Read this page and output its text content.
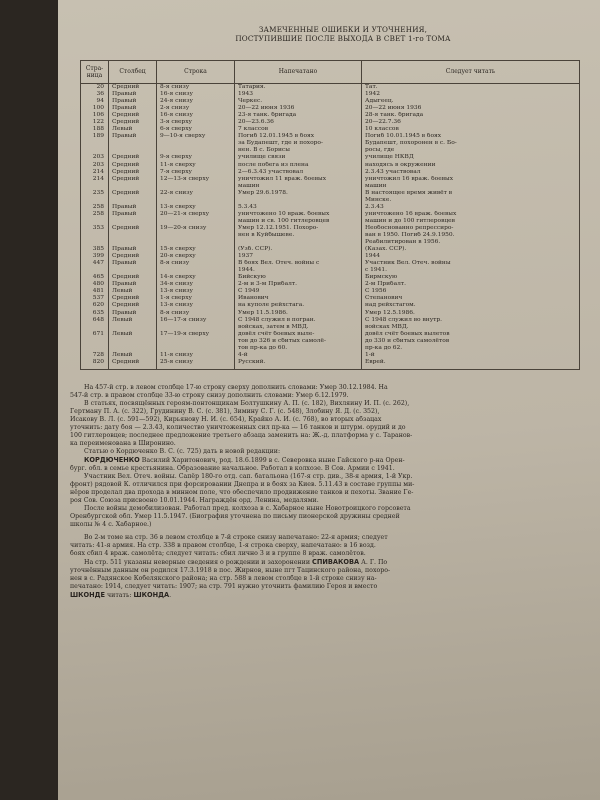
ЗАМЕЧЕННЫЕ ОШИБКИ И УТОЧНЕНИЯ,
ПОСТУПИВШИЕ ПОСЛЕ ВЫХОДА В СВЕТ 1-го ТОМА
Стра-
ница	Столбец	Строка	Напечатано	Следует читать
20	Средний	8-я снизу	Татария.	Тат.
36	Правый	16-я снизу	1943	1942
94	Правый	24-я снизу	Черкес.	Адыгеец.
100	Правый	2-я снизу	20—22 июня 1936	20—22 июня 1936
106	Средний	16-я снизу	23-я танк. бригада	28-я танк. бригада
122	Средний	3-я сверху	20—23.6.36	20—22.7.36
188	Левый	6-я сверху	7 классов	10 классов
189	Правый	9—10-я сверху	Погиб 12.01.1945 в боях	Погиб 10.01.1945 в боях
			за Будапешт, где и похоро-	Будапешт, похоронен в с. Бо-
			нен. В с. Борисы	росы, где
203	Средний	9-я сверху	училище связи	училище НКВД
203	Средний	11-я сверху	после побега из плена	находясь в окружении
214	Средний	7-я сверху	2—6.3.43 участвовал	2.3.43 участвовал
214	Средний	12—13-я сверху	уничтожил 11 враж. боевых	уничтожил 16 враж. боевых
			машин	машин
235	Средний	22-я снизу	Умер 29.6.1978.	В настоящее время живёт в
				Минске.
258	Правый	13-я сверху	5.3.43	2.3.43
258	Правый	20—21-я сверху	уничтожено 10 враж. боевых	уничтожено 16 враж. боевых
			машин и св. 100 гитлеровцев	машин и до 100 гитлеровцев
353	Средний	19—20-я снизу	Умер 12.12.1951. Похоро-	Необоснованно репрессиро-
			нен в Куйбышеве.	ван в 1950. Погиб 24.9.1950.
				Реабилитирован в 1956.
385	Правый	15-я сверху	(Узб. ССР).	(Казах. ССР).
399	Средний	20-я сверху	1937	1944
447	Правый	8-я снизу	В боях Вел. Отеч. войны с	Участник Вел. Отеч. войны
			1944.	с 1941.
465	Средний	14-я сверху	Бийскую	Бирмскую
480	Правый	34-я снизу	2-м и 3-м Прибалт.	2-м Прибалт.
481	Левый	13-я снизу	С 1949	С 1956
537	Средний	1-я сверху	Иванович	Степанович
620	Средний	13-я снизу	на куполе рейхстага.	над рейхстагом.
635	Правый	8-я снизу	Умер 11.5.1986.	Умер 12.5.1986.
648	Левый	16—17-я снизу	С 1948 служил в погран.	С 1948 служил во внутр.
			войсках, затем в МВД.	войсках МВД.
671	Левый	17—19-я сверху	довёл счёт боевых выле-	довёл счёт боевых вылетов
			тов до 326 и сбитых самолё-	до 330 и сбитых самолётов
			тов пр-ка до 60.	пр-ка до 62.
728	Левый	11-я снизу	4-й	1-й
820	Средний	25-я снизу	Русский.	Еврей.

На 457-й стр. в левом столбце 17-ю строку сверху дополнить словами: Умер 30.12.1984. На

547-й стр. в правом столбце 33-ю строку снизу дополнить словами: Умер 6.12.1979.

В статьях, посвящённых героям-понтонщикам Болтушкину А. П. (с. 182), Вихляину И. П. (с. 262),

Гертману П. А. (с. 322), Грудинину В. С. (с. 381), Зимину С. Г. (с. 548), Злобину Я. Д. (с. 352),

Исакову В. Л. (с. 591—592), Кирьянову Н. И. (с. 654), Крайко А. И. (с. 768), во вторых абзацах

уточнить: дату боя — 2.3.43, количество уничтоженных сил пр-ка — 16 танков и штурм. орудий и до

100 гитлеровцев; последнее предложение третьего абзаца заменить на: Ж.-д. платформа у с. Таранов-

ка переименована в Широнино.

Статью о Кордюченко В. С. (с. 725) дать в новой редакции:

КОРДЮЧЕНКО Василий Харитонович, род. 18.6.1899 в с. Северовка ныне Гайского р-на Орен-

бург. обл. в семье крестьянина. Образование начальное. Работал в колхозе. В Сов. Армии с 1941.

Участник Вел. Отеч. войны. Сапёр 180-го отд. сап. батальона (167-я стр. див., 38-я армия, 1-й Укр.

фронт) рядовой К. отличился при форсировании Днепра и в боях за Киев. 5.11.43 в составе группы ми-

нёров проделал два прохода в минном поле, что обеспечило продвижение танков и пехоты. Звание Ге-

роя Сов. Союза присвоено 10.01.1944. Награждён орд. Ленина, медалями.

После войны демобилизован. Работал пред. колхоза в с. Хабарное ныне Новотроицкого горсовета

Оренбургской обл. Умер 11.5.1947. (Биография уточнена по письму пионерской дружины средней

школы № 4 с. Хабарное.)

Во 2-м томе на стр. 36 в левом столбце в 7-й строке снизу напечатано: 22-я армия; следует

читать: 41-я армия. На стр. 338 в правом столбце, 1-я строка сверху, напечатано: в 16 возд.

боях сбил 4 враж. самолёта; следует читать: сбил лично 3 и в группе 8 враж. самолётов.

На стр. 511 указаны неверные сведения о рождении и захоронении СПИВАКОВА А. Г. По

уточнённым данным он родился 17.3.1918 в пос. Жирнов, ныне пгт Тацинского района, похоро-

нен в с. Радянское Кобелякского района; на стр. 588 в левом столбце в 1-й строке снизу на-

печатано: 1914, следует читать: 1907; на стр. 791 нужно уточнить фамилию Героя и вместо

ШКОНДЕ читать: ШКОНДА.
